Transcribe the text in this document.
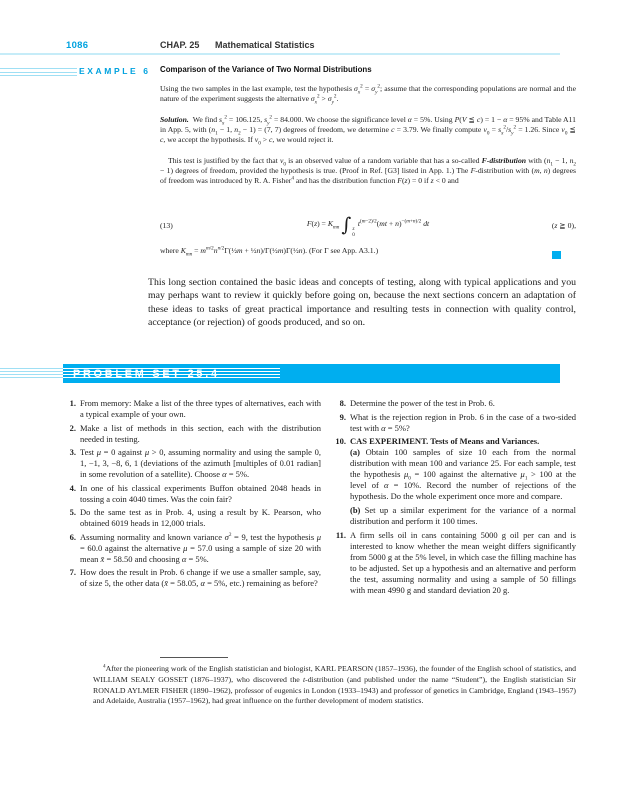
1086	CHAP. 25 Mathematical Statistics
EXAMPLE 6 Comparison of the Variance of Two Normal Distributions
Using the two samples in the last example, test the hypothesis $\sigma_x^2 = \sigma_y^2$; assume that the corresponding populations are normal and the nature of the experiment suggests the alternative $\sigma_x^2 > \sigma_y^2$.
Solution. We find $s_x^2 = 106.125$, $s_y^2 = 84.000$. We choose the significance level α = 5%. Using P(V ≦ c) = 1 − α = 95% and Table A11 in App. 5, with ($n_1 - 1$, $n_2 - 1) = (7$, 7) degrees of freedom, we determine c = 3.79. We finally compute $v_0 = s_x^2/s_y^2 = 1.26$. Since $v_0$ ≦ c, we accept the hypothesis. If $v_0 > c$, we would reject it.
This test is justified by the fact that $v_0$ is an observed value of a random variable that has a so-called F-distribution with ($n_1 - 1$, $n_2 - 1$) degrees of freedom, provided the hypothesis is true. (Proof in Ref. [G3] listed in App. 1.) The F-distribution with (m, n) degrees of freedom was introduced by R. A. Fisher$^4$ and has the distribution function F(z) = 0 if z < 0 and
(13)	$F(z) = K_{mn}$ ∫ z
0
$t^{(m-2)/2}(mt + n)^{-(m+n)/2}$ dt	(z ≧ 0),
where $K_{mn}$ = $m^{m/2}n^{n/2}\Gamma(\frac{1}{2}m$ + ½n)/Γ(½m)Γ(½n). (For Γ see App. A3.1.)
This long section contained the basic ideas and concepts of testing, along with typical applications and you may perhaps want to review it quickly before going on, because the next sections concern an adaptation of these ideas to tasks of great practical importance and resulting tests in connection with quality control, acceptance (or rejection) of goods produced, and so on.
PROBLEM SET 25.4
1. From memory: Make a list of the three types of alternatives, each with a typical example of your own.
2. Make a list of methods in this section, each with the distribution needed in testing.
3. Test μ = 0 against μ > 0, assuming normality and using the sample 0, 1, −1, 3, −8, 6, 1 (deviations of the azimuth [multiples of 0.01 radian] in some revolution of a satellite). Choose α = 5%.
4. In one of his classical experiments Buffon obtained 2048 heads in tossing a coin 4040 times. Was the coin fair?
5. Do the same test as in Prob. 4, using a result by K. Pearson, who obtained 6019 heads in 12,000 trials.
6. Assuming normality and known variance $\sigma^2 = 9$, test the hypothesis μ = 60.0 against the alternative μ = 57.0 using a sample of size 20 with mean x̄ = 58.50 and choosing α = 5%.
7. How does the result in Prob. 6 change if we use a smaller sample, say, of size 5, the other data (x̄ = 58.05, α = 5%, etc.) remaining as before?
8. Determine the power of the test in Prob. 6.
9. What is the rejection region in Prob. 6 in the case of a two-sided test with α = 5%?
10. CAS EXPERIMENT. Tests of Means and Variances.
(a) Obtain 100 samples of size 10 each from the normal distribution with mean 100 and variance 25. For each sample, test the hypothesis $\mu_0 = 100$ against the alternative $\mu_1 > 100$ at the level of α = 10%. Record the number of rejections of the hypothesis. Do the whole experiment once more and compare.
(b) Set up a similar experiment for the variance of a normal distribution and perform it 100 times.
11. A firm sells oil in cans containing 5000 g oil per can and is interested to know whether the mean weight differs significantly from 5000 g at the 5% level, in which case the filling machine has to be adjusted. Set up a hypothesis and an alternative and perform the test, assuming normality and using a sample of 50 fillings with mean 4990 g and standard deviation 20 g.
$^4$After the pioneering work of the English statistician and biologist, KARL PEARSON (1857–1936), the founder of the English school of statistics, and WILLIAM SEALY GOSSET (1876–1937), who discovered the t-distribution (and published under the name “Student”), the English statistician Sir RONALD AYLMER FISHER (1890–1962), professor of eugenics in London (1933–1943) and professor of genetics in Cambridge, England (1943–1957) and Adelaide, Australia (1957–1962), had great influence on the further development of modern statistics.
